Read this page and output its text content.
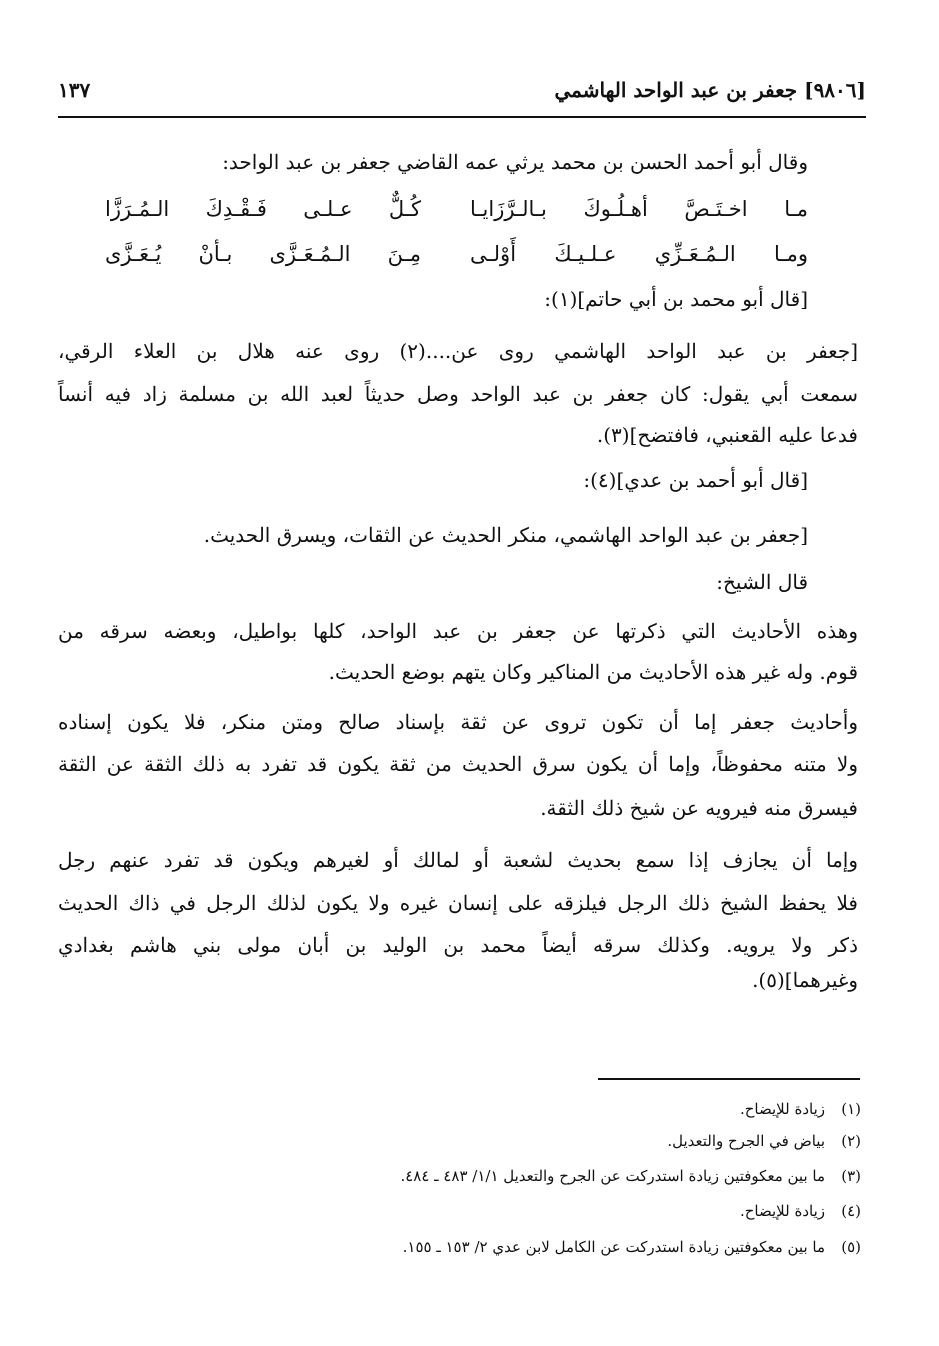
[٩٨٠٦] جعفر بن عبد الواحد الهاشمي
١٣٧
وقال أبو أحمد الحسن بن محمد يرثي عمه القاضي جعفر بن عبد الواحد:
مـا اخـتَـصَّ أهـلُـوكَ بـالـرَّزَايـا
كُـلٌّ عـلـى فَـقْـدِكَ الـمُـرَزَّا
ومـا الـمُـعَـزِّي عـلـيـكَ أَوْلـى
مِـنَ الـمُـعَـزَّى بـأنْ يُـعَـزَّى
[قال أبو محمد بن أبي حاتم](١):
[جعفر بن عبد الواحد الهاشمي روى عن....(٢) روى عنه هلال بن العلاء الرقي،
سمعت أبي يقول: كان جعفر بن عبد الواحد وصل حديثاً لعبد الله بن مسلمة زاد فيه أنساً
فدعا عليه القعنبي، فافتضح](٣).
[قال أبو أحمد بن عدي](٤):
[جعفر بن عبد الواحد الهاشمي، منكر الحديث عن الثقات، ويسرق الحديث.
قال الشيخ:
وهذه الأحاديث التي ذكرتها عن جعفر بن عبد الواحد، كلها بواطيل، وبعضه سرقه من
قوم. وله غير هذه الأحاديث من المناكير وكان يتهم بوضع الحديث.
وأحاديث جعفر إما أن تكون تروى عن ثقة بإسناد صالح ومتن منكر، فلا يكون إسناده
ولا متنه محفوظاً، وإما أن يكون سرق الحديث من ثقة يكون قد تفرد به ذلك الثقة عن الثقة
فيسرق منه فيرويه عن شيخ ذلك الثقة.
وإما أن يجازف إذا سمع بحديث لشعبة أو لمالك أو لغيرهم ويكون قد تفرد عنهم رجل
فلا يحفظ الشيخ ذلك الرجل فيلزقه على إنسان غيره ولا يكون لذلك الرجل في ذاك الحديث
ذكر ولا يرويه. وكذلك سرقه أيضاً محمد بن الوليد بن أبان مولى بني هاشم بغدادي
وغيرهما](٥).
(١)زيادة للإيضاح.
(٢)بياض في الجرح والتعديل.
(٣)ما بين معكوفتين زيادة استدركت عن الجرح والتعديل ١/١/ ٤٨٣ ـ ٤٨٤.
(٤)زيادة للإيضاح.
(٥)ما بين معكوفتين زيادة استدركت عن الكامل لابن عدي ٢/ ١٥٣ ـ ١٥٥.
